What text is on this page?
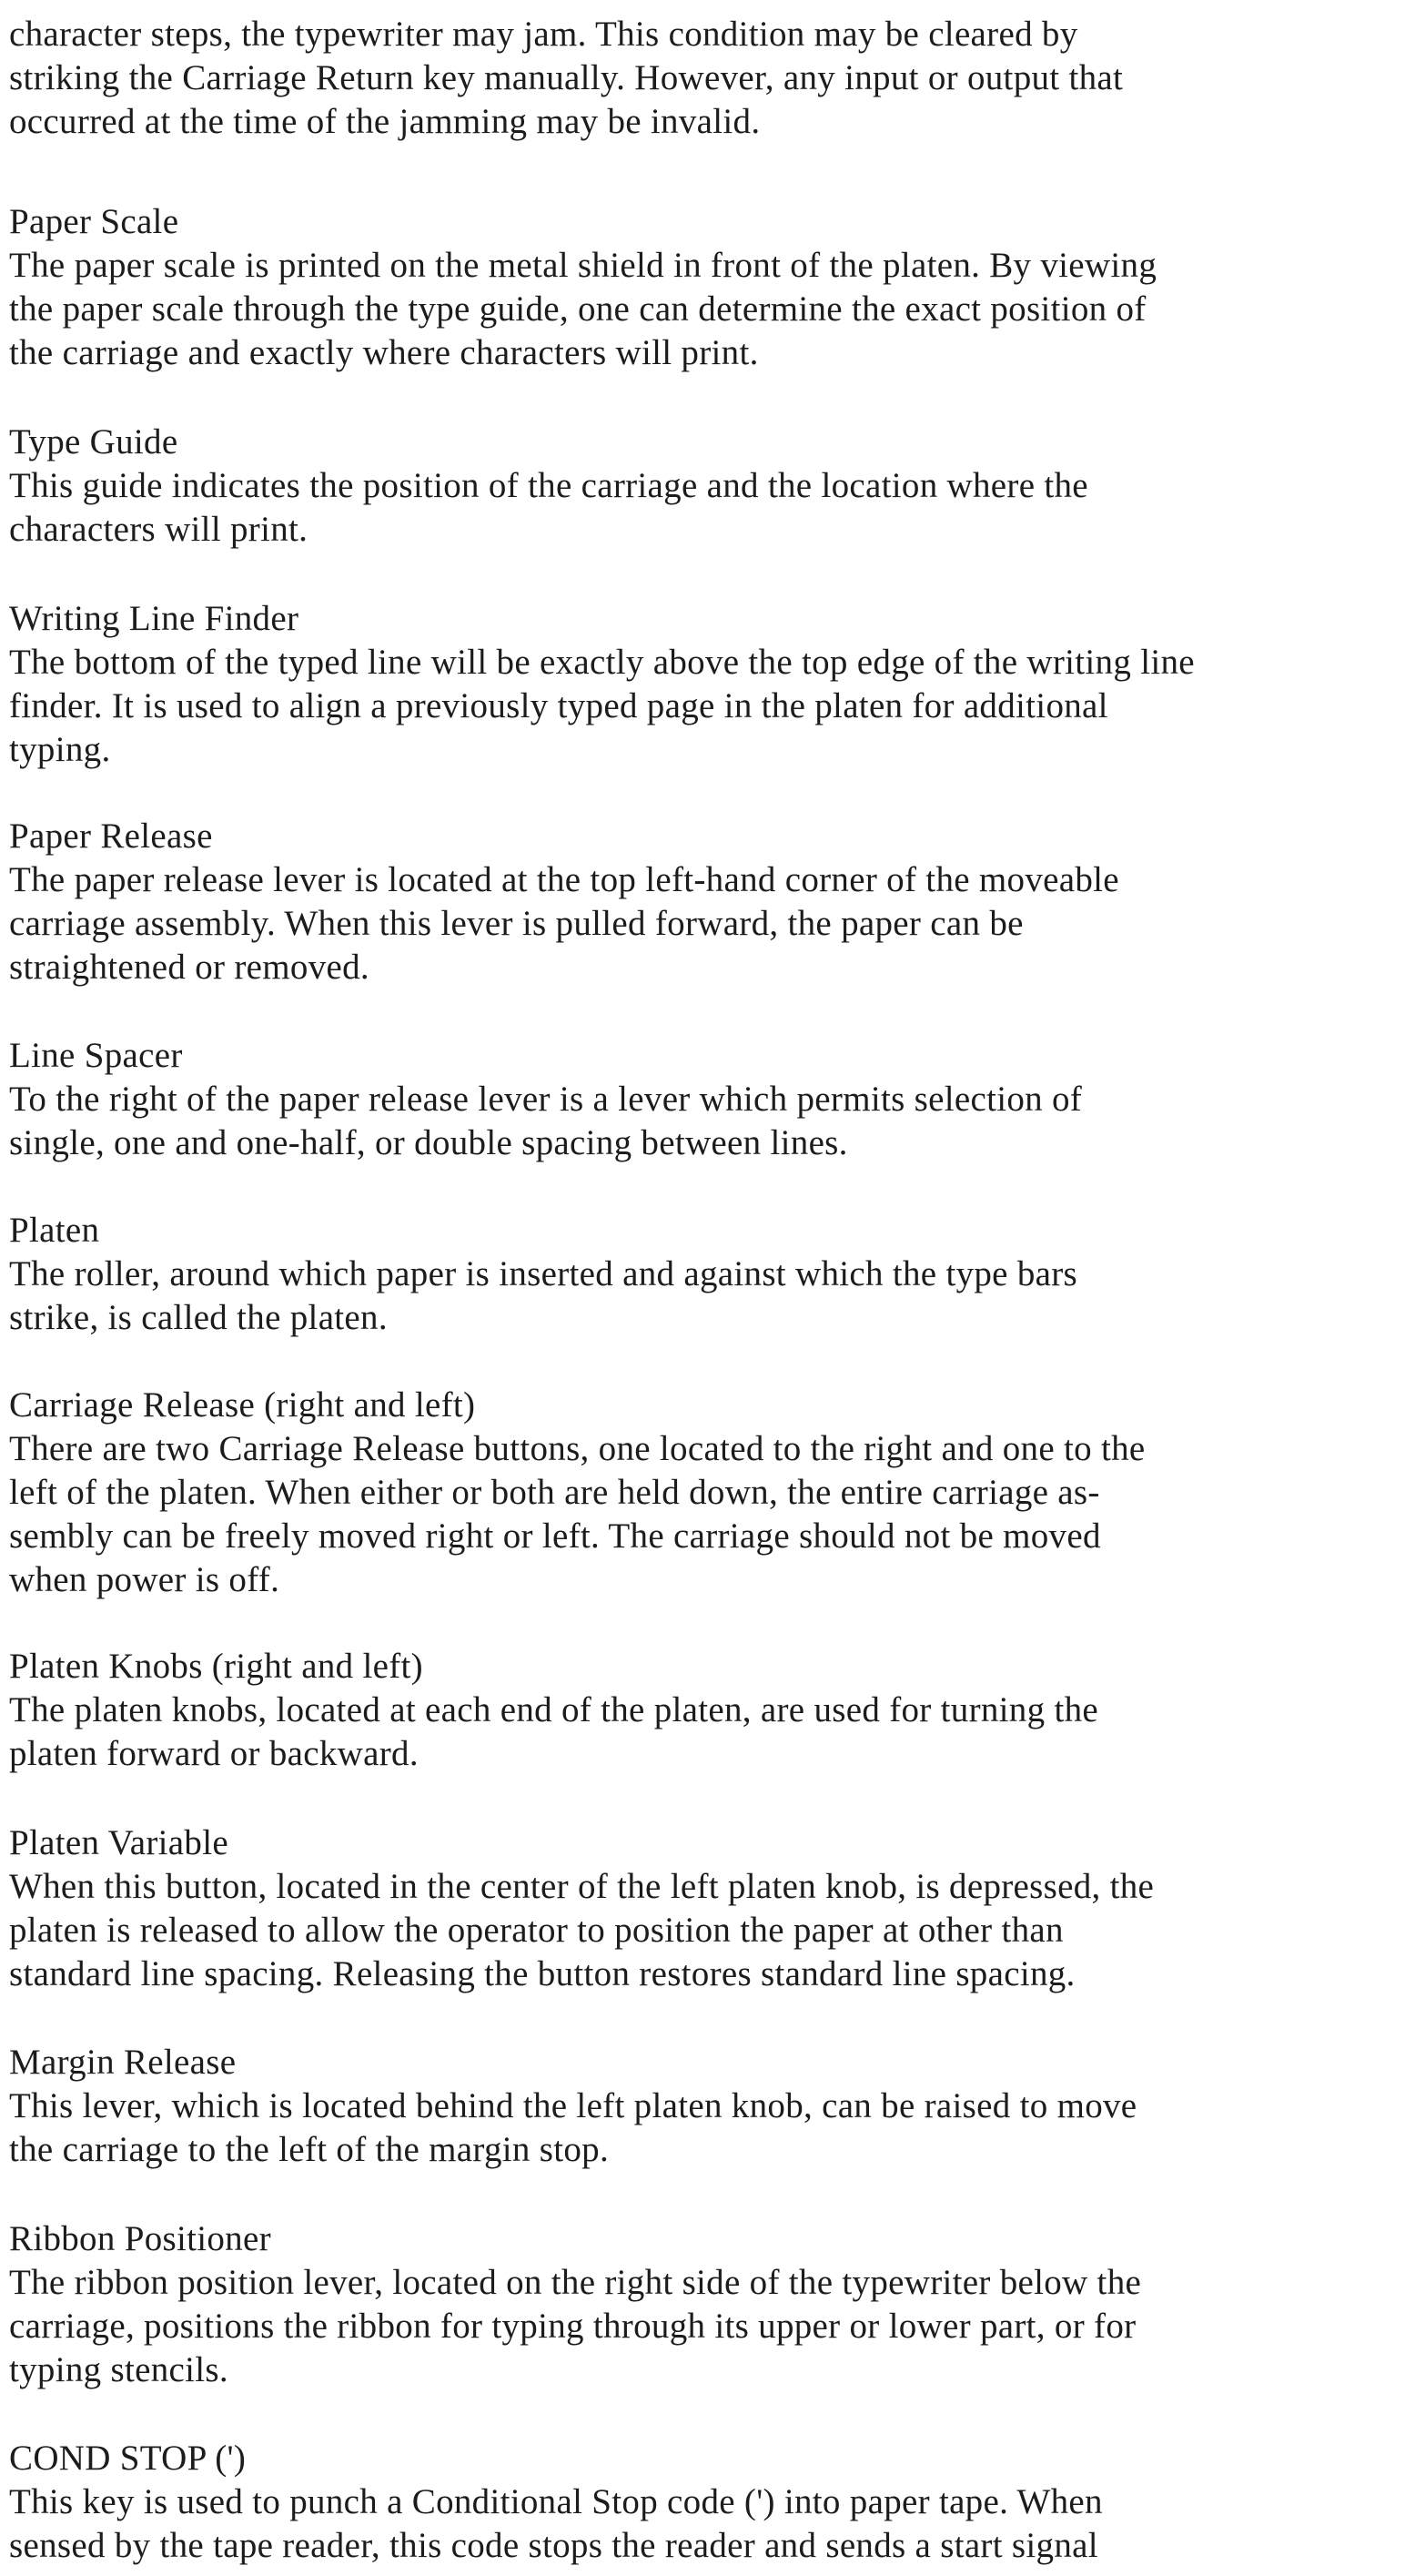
character steps, the typewriter may jam. This condition may be cleared by
striking the Carriage Return key manually. However, any input or output that
occurred at the time of the jamming may be invalid.
Paper Scale
The paper scale is printed on the metal shield in front of the platen. By viewing
the paper scale through the type guide, one can determine the exact position of
the carriage and exactly where characters will print.
Type Guide
This guide indicates the position of the carriage and the location where the
characters will print.
Writing Line Finder
The bottom of the typed line will be exactly above the top edge of the writing line
finder. It is used to align a previously typed page in the platen for additional
typing.
Paper Release
The paper release lever is located at the top left-hand corner of the moveable
carriage assembly. When this lever is pulled forward, the paper can be
straightened or removed.
Line Spacer
To the right of the paper release lever is a lever which permits selection of
single, one and one-half, or double spacing between lines.
Platen
The roller, around which paper is inserted and against which the type bars
strike, is called the platen.
Carriage Release (right and left)
There are two Carriage Release buttons, one located to the right and one to the
left of the platen. When either or both are held down, the entire carriage as-
sembly can be freely moved right or left. The carriage should not be moved
when power is off.
Platen Knobs (right and left)
The platen knobs, located at each end of the platen, are used for turning the
platen forward or backward.
Platen Variable
When this button, located in the center of the left platen knob, is depressed, the
platen is released to allow the operator to position the paper at other than
standard line spacing. Releasing the button restores standard line spacing.
Margin Release
This lever, which is located behind the left platen knob, can be raised to move
the carriage to the left of the margin stop.
Ribbon Positioner
The ribbon position lever, located on the right side of the typewriter below the
carriage, positions the ribbon for typing through its upper or lower part, or for
typing stencils.
COND STOP (')
This key is used to punch a Conditional Stop code (') into paper tape. When
sensed by the tape reader, this code stops the reader and sends a start signal
